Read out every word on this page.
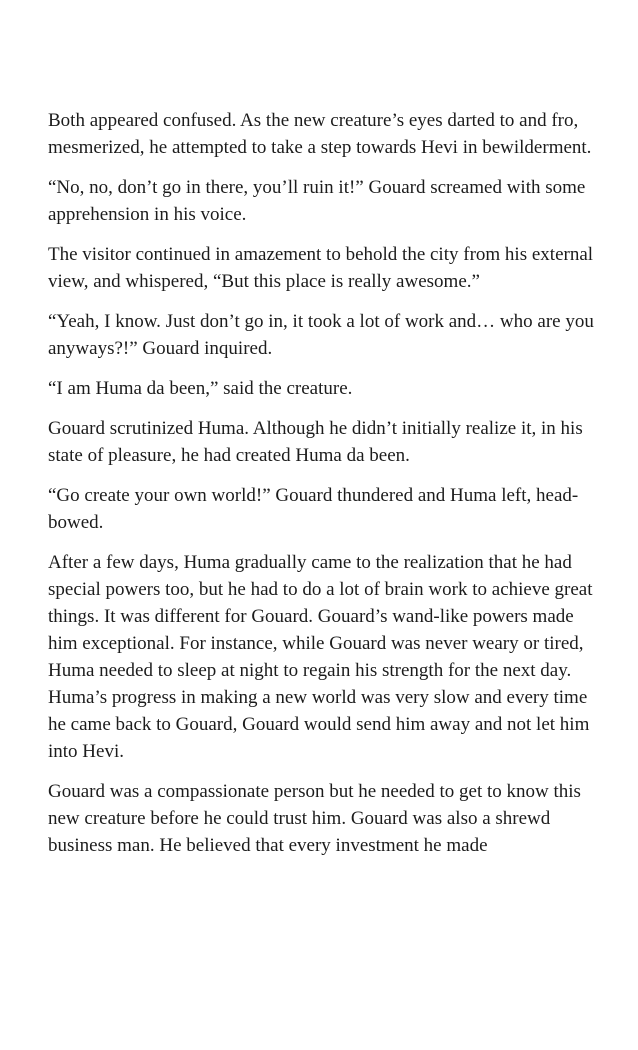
Both appeared confused. As the new creature’s eyes darted to and fro, mesmerized, he attempted to take a step towards Hevi in bewilderment.

“No, no, don’t go in there, you’ll ruin it!” Gouard screamed with some apprehension in his voice.

The visitor continued in amazement to behold the city from his external view, and whispered, “But this place is really awesome.”

“Yeah, I know. Just don’t go in, it took a lot of work and… who are you anyways?!” Gouard inquired.

“I am Huma da been,” said the creature.

Gouard scrutinized Huma. Although he didn’t initially realize it, in his state of pleasure, he had created Huma da been.

“Go create your own world!” Gouard thundered and Huma left, head-bowed.

After a few days, Huma gradually came to the realization that he had special powers too, but he had to do a lot of brain work to achieve great things. It was different for Gouard. Gouard’s wand-like powers made him exceptional. For instance, while Gouard was never weary or tired, Huma needed to sleep at night to regain his strength for the next day. Huma’s progress in making a new world was very slow and every time he came back to Gouard, Gouard would send him away and not let him into Hevi.

Gouard was a compassionate person but he needed to get to know this new creature before he could trust him. Gouard was also a shrewd business man. He believed that every investment he made
